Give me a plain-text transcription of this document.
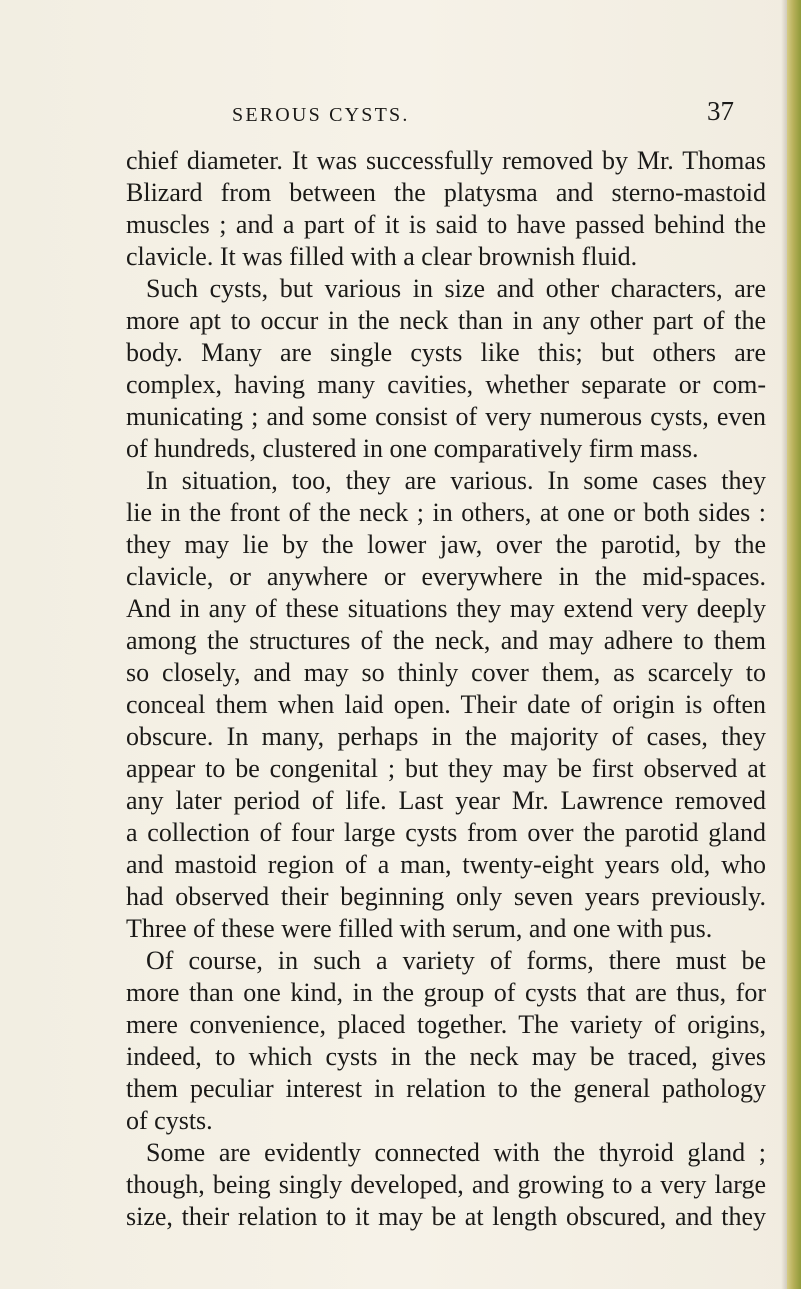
SEROUS CYSTS.	37
chief diameter. It was successfully removed by Mr. Thomas
Blizard from between the platysma and sterno-mastoid
muscles ; and a part of it is said to have passed behind the
clavicle. It was filled with a clear brownish fluid.
Such cysts, but various in size and other characters, are
more apt to occur in the neck than in any other part of the
body. Many are single cysts like this; but others are
complex, having many cavities, whether separate or com-
municating ; and some consist of very numerous cysts, even
of hundreds, clustered in one comparatively firm mass.
In situation, too, they are various. In some cases they
lie in the front of the neck ; in others, at one or both sides :
they may lie by the lower jaw, over the parotid, by the
clavicle, or anywhere or everywhere in the mid-spaces.
And in any of these situations they may extend very deeply
among the structures of the neck, and may adhere to them
so closely, and may so thinly cover them, as scarcely to
conceal them when laid open. Their date of origin is often
obscure. In many, perhaps in the majority of cases, they
appear to be congenital ; but they may be first observed at
any later period of life. Last year Mr. Lawrence removed
a collection of four large cysts from over the parotid gland
and mastoid region of a man, twenty-eight years old, who
had observed their beginning only seven years previously.
Three of these were filled with serum, and one with pus.
Of course, in such a variety of forms, there must be
more than one kind, in the group of cysts that are thus, for
mere convenience, placed together. The variety of origins,
indeed, to which cysts in the neck may be traced, gives
them peculiar interest in relation to the general pathology
of cysts.
Some are evidently connected with the thyroid gland ;
though, being singly developed, and growing to a very large
size, their relation to it may be at length obscured, and they
